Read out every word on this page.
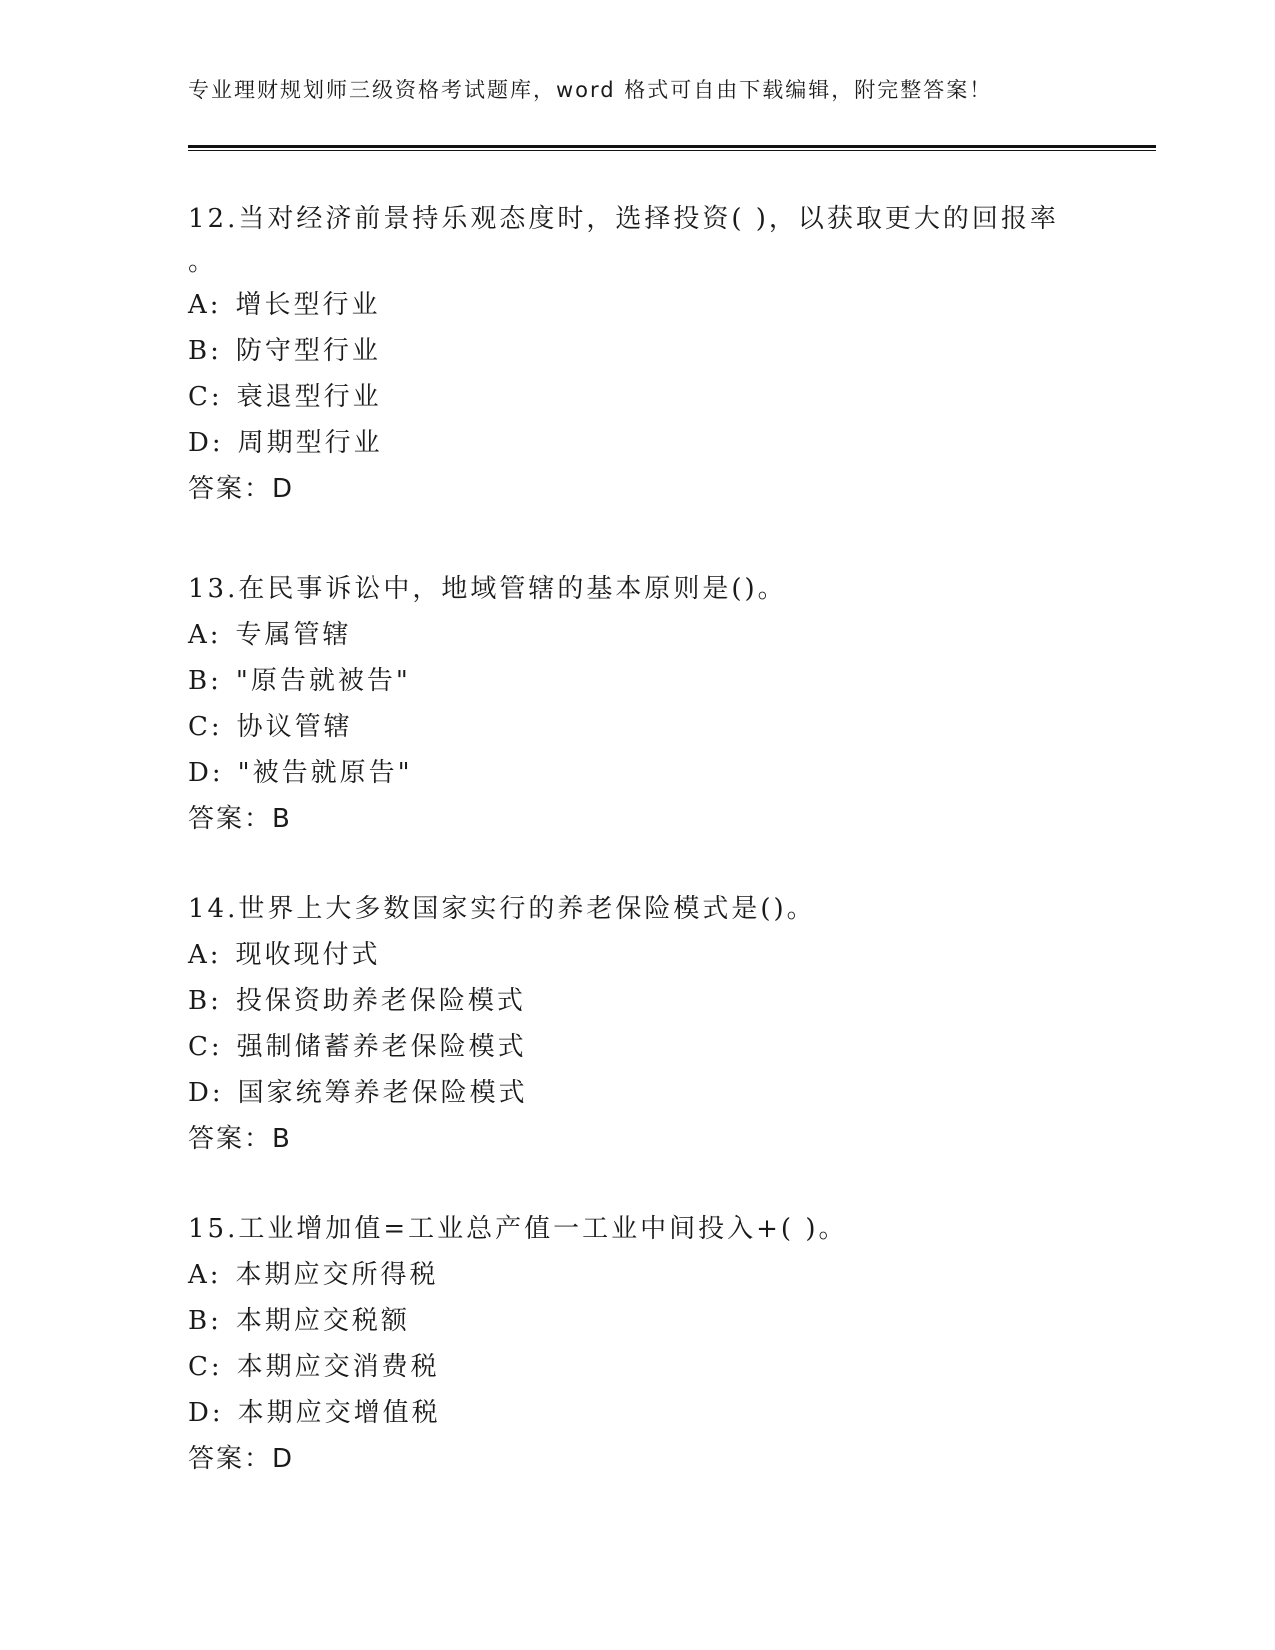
专业理财规划师三级资格考试题库，word 格式可自由下载编辑，附完整答案！
12.当对经济前景持乐观态度时，选择投资( )，以获取更大的回报率
。
A: 增长型行业
B: 防守型行业
C: 衰退型行业
D: 周期型行业
答案：D
13.在民事诉讼中，地域管辖的基本原则是()。
A: 专属管辖
B: "原告就被告"
C: 协议管辖
D: "被告就原告"
答案：B
14.世界上大多数国家实行的养老保险模式是()。
A: 现收现付式
B: 投保资助养老保险模式
C: 强制储蓄养老保险模式
D: 国家统筹养老保险模式
答案：B
15.工业增加值=工业总产值一工业中间投入+( )。
A: 本期应交所得税
B: 本期应交税额
C: 本期应交消费税
D: 本期应交增值税
答案：D
